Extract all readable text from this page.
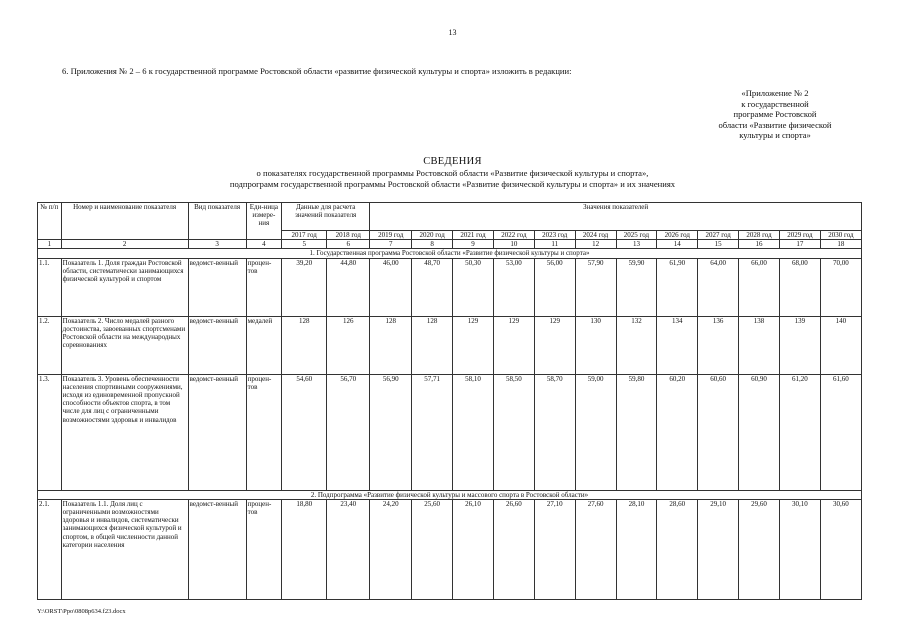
13
6. Приложения № 2 – 6 к государственной программе Ростовской области «развитие физической культуры и спорта» изложить в редакции:
«Приложение № 2
к государственной
программе Ростовской
области «Развитие физической
культуры и спорта»
СВЕДЕНИЯ
о показателях государственной программы Ростовской области «Развитие физической культуры и спорта»,
подпрограмм государственной программы Ростовской области «Развитие физической культуры и спорта» и их значениях
№ п/п	Номер и наименование показателя	Вид показателя	Еди-ница измере-ния	Данные для расчета значений показателя		Значения показателей											
				2017 год	2018 год	2019 год	2020 год	2021 год	2022 год	2023 год	2024 год	2025 год	2026 год	2027 год	2028 год	2029 год	2030 год
1	2	3	4	5	6	7	8	9	10	11	12	13	14	15	16	17	18
1. Государственная программа Ростовской области «Развитие физической культуры и спорта»																	
1.1.	Показатель 1. Доля граждан Ростовской области, систематически занимающихся физической культурой и спортом	ведомст-венный	процен-тов	39,20	44,80	46,00	48,70	50,30	53,00	56,00	57,90	59,90	61,90	64,00	66,00	68,00	70,00
1.2.	Показатель 2. Число медалей разного достоинства, завоеванных спортсменами Ростовской области на международных соревнованиях	ведомст-венный	медалей	128	126	128	128	129	129	129	130	132	134	136	138	139	140
1.3.	Показатель 3. Уровень обеспеченности населения спортивными сооружениями, исходя из единовременной пропускной способности объектов спорта, в том числе для лиц с ограниченными возможностями здоровья и инвалидов	ведомст-венный	процен-тов	54,60	56,70	56,90	57,71	58,10	58,50	58,70	59,00	59,80	60,20	60,60	60,90	61,20	61,60
2. Подпрограмма «Развитие физической культуры и массового спорта в Ростовской области»																	
2.1.	Показатель 1.1. Доля лиц с ограниченными возможностями здоровья и инвалидов, систематически занимающихся физической культурой и спортом, в общей численности данной категории населения	ведомст-венный	процен-тов	18,80	23,40	24,20	25,60	26,10	26,60	27,10	27,60	28,10	28,60	29,10	29,60	30,10	30,60
Y:\ORST\Ppo\0808p634.f23.docx
